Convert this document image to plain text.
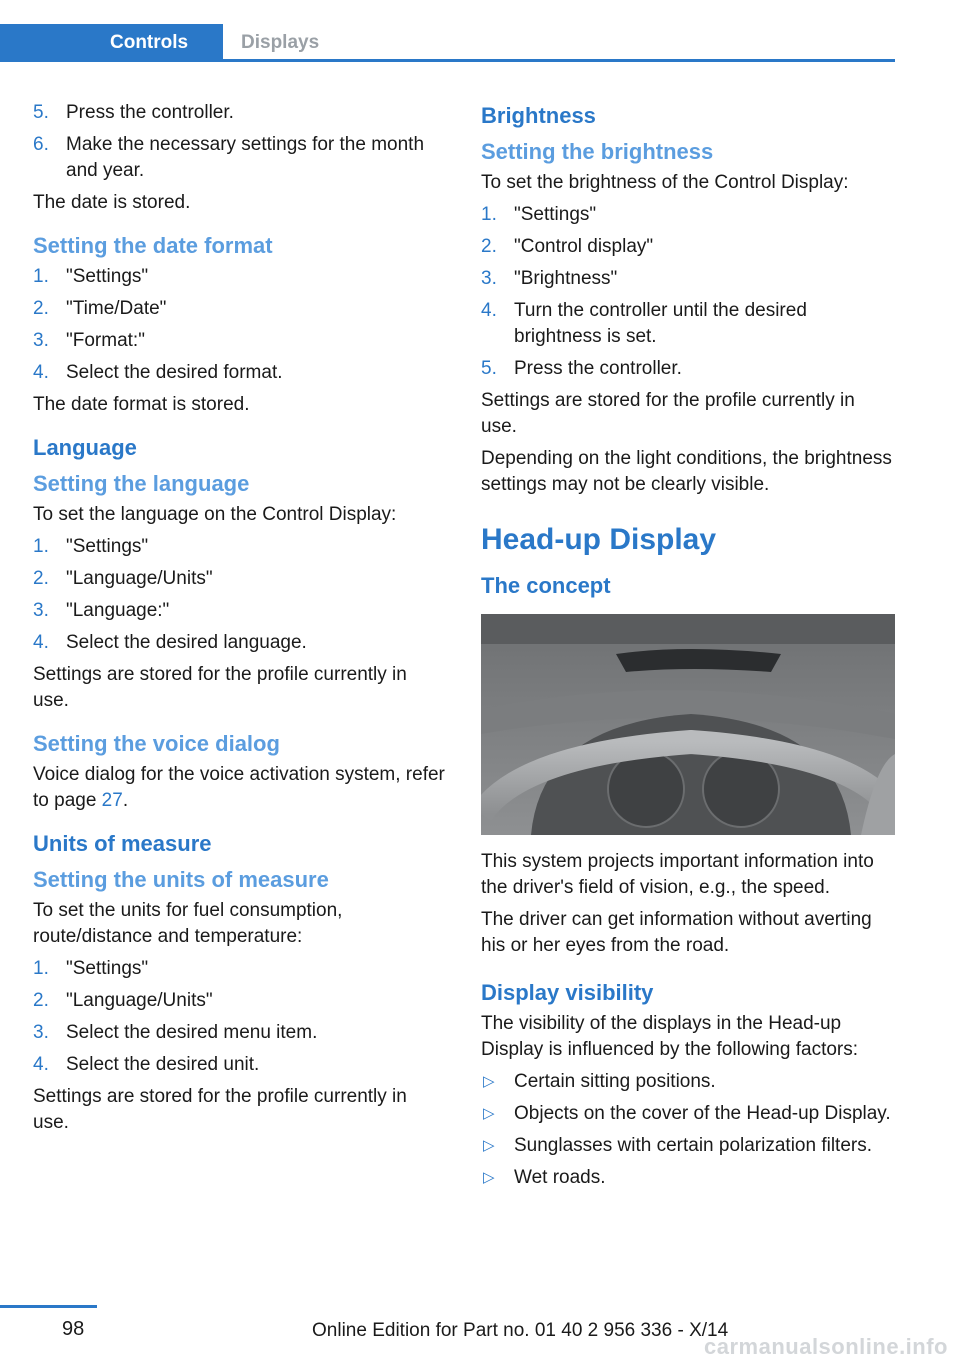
Controls	Displays
5. Press the controller.
6. Make the necessary settings for the month and year.
The date is stored.
Setting the date format
1. "Settings"
2. "Time/Date"
3. "Format:"
4. Select the desired format.
The date format is stored.
Language
Setting the language
To set the language on the Control Display:
1. "Settings"
2. "Language/Units"
3. "Language:"
4. Select the desired language.
Settings are stored for the profile currently in use.
Setting the voice dialog
Voice dialog for the voice activation system, refer to page 27.
Units of measure
Setting the units of measure
To set the units for fuel consumption, route/distance and temperature:
1. "Settings"
2. "Language/Units"
3. Select the desired menu item.
4. Select the desired unit.
Settings are stored for the profile currently in use.
Brightness
Setting the brightness
To set the brightness of the Control Display:
1. "Settings"
2. "Control display"
3. "Brightness"
4. Turn the controller until the desired brightness is set.
5. Press the controller.
Settings are stored for the profile currently in use.
Depending on the light conditions, the brightness settings may not be clearly visible.
Head-up Display
The concept
This system projects important information into the driver's field of vision, e.g., the speed.
The driver can get information without averting his or her eyes from the road.
Display visibility
The visibility of the displays in the Head-up Display is influenced by the following factors:
▷ Certain sitting positions.
▷ Objects on the cover of the Head-up Display.
▷ Sunglasses with certain polarization filters.
▷ Wet roads.
98	Online Edition for Part no. 01 40 2 956 336 - X/14
carmanualsonline.info
